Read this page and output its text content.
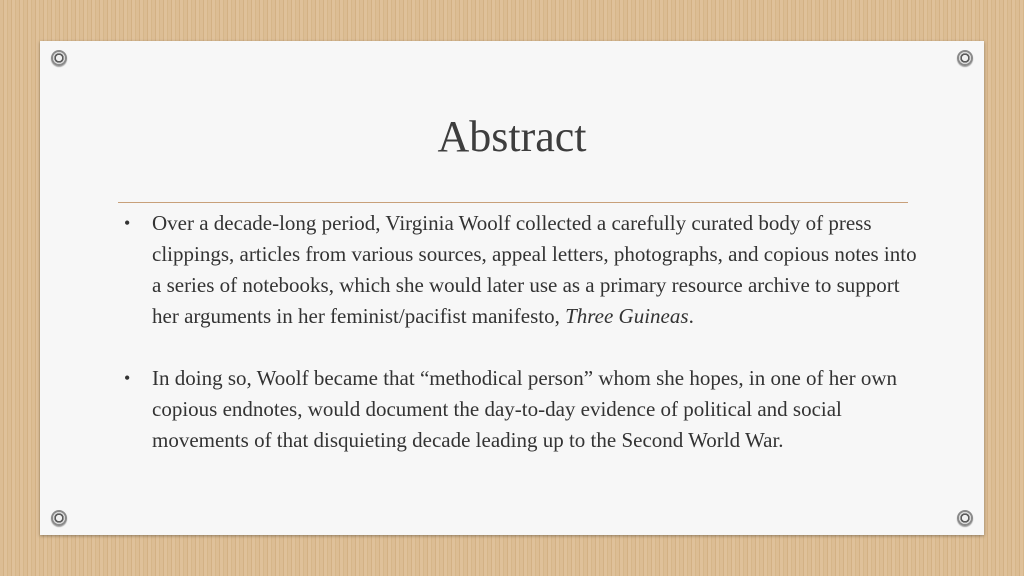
Abstract
• Over a decade-long period, Virginia Woolf collected a carefully curated body of press clippings, articles from various sources, appeal letters, photographs, and copious notes into a series of notebooks, which she would later use as a primary resource archive to support her arguments in her feminist/pacifist manifesto, Three Guineas.
• In doing so, Woolf became that “methodical person” whom she hopes, in one of her own copious endnotes, would document the day-to-day evidence of political and social movements of that disquieting decade leading up to the Second World War.
